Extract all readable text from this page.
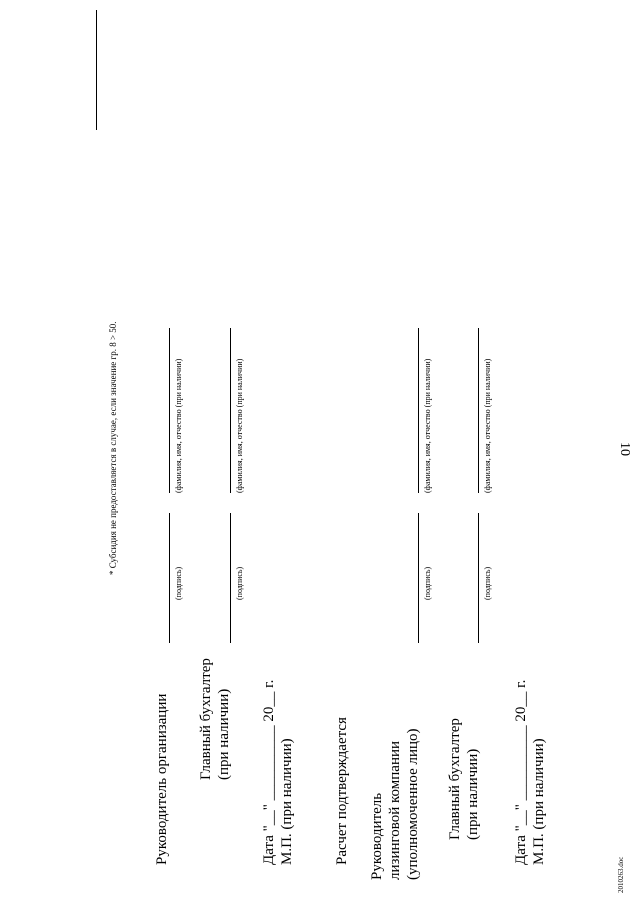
10
* Субсидия не предоставляется в случае, если значение гр. 8 > 50.
Руководитель организации
(подпись)
(фамилия, имя, отчество (при наличии)
Главный бухгалтер (при наличии)
(подпись)
(фамилия, имя, отчество (при наличии)
Дата "__" __________ 20__ г. М.П. (при наличии)	Расчет подтверждается Руководитель лизинговой компании (уполномоченное лицо)
(подпись)
(фамилия, имя, отчество (при наличии)
Главный бухгалтер (при наличии)
(подпись)
(фамилия, имя, отчество (при наличии)
Дата "__" __________ 20__ г. М.П. (при наличии)
2010263.doc
